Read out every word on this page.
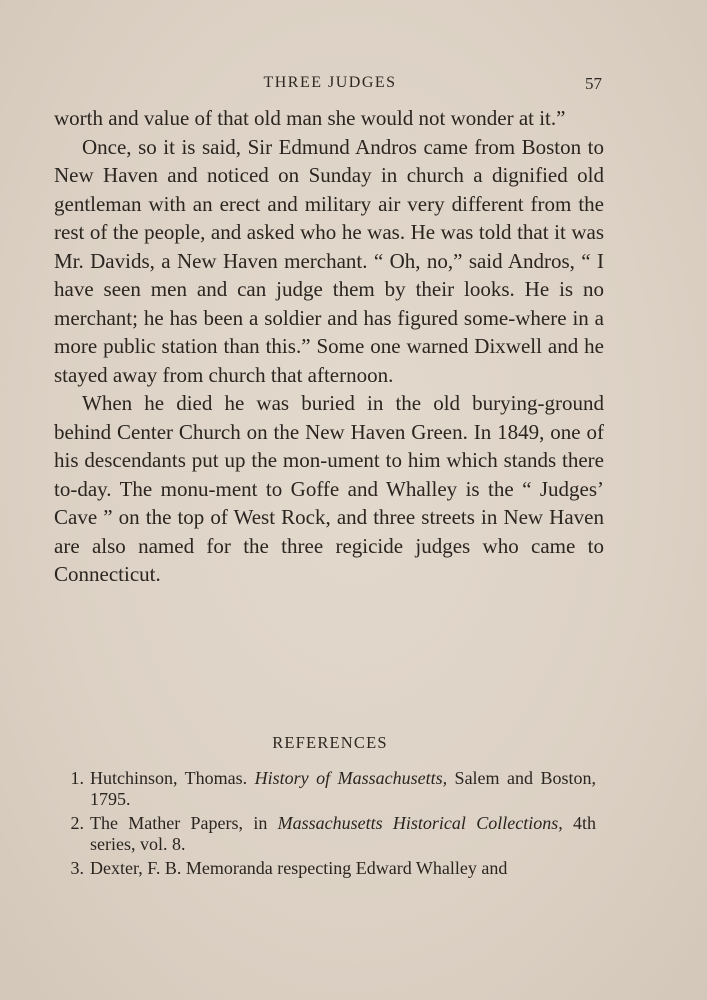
THREE JUDGES	57

worth and value of that old man she would not wonder at it.”

Once, so it is said, Sir Edmund Andros came from Boston to New Haven and noticed on Sunday in church a dignified old gentleman with an erect and military air very different from the rest of the people, and asked who he was. He was told that it was Mr. Davids, a New Haven merchant. “ Oh, no,” said Andros, “ I have seen men and can judge them by their looks. He is no merchant; he has been a soldier and has figured some-where in a more public station than this.” Some one warned Dixwell and he stayed away from church that afternoon.

When he died he was buried in the old burying-ground behind Center Church on the New Haven Green. In 1849, one of his descendants put up the mon-ument to him which stands there to-day. The monu-ment to Goffe and Whalley is the “ Judges’ Cave ” on the top of West Rock, and three streets in New Haven are also named for the three regicide judges who came to Connecticut.

REFERENCES
1. Hutchinson, Thomas. History of Massachusetts, Salem and Boston, 1795.
2. The Mather Papers, in Massachusetts Historical Collections, 4th series, vol. 8.
3. Dexter, F. B. Memoranda respecting Edward Whalley and
